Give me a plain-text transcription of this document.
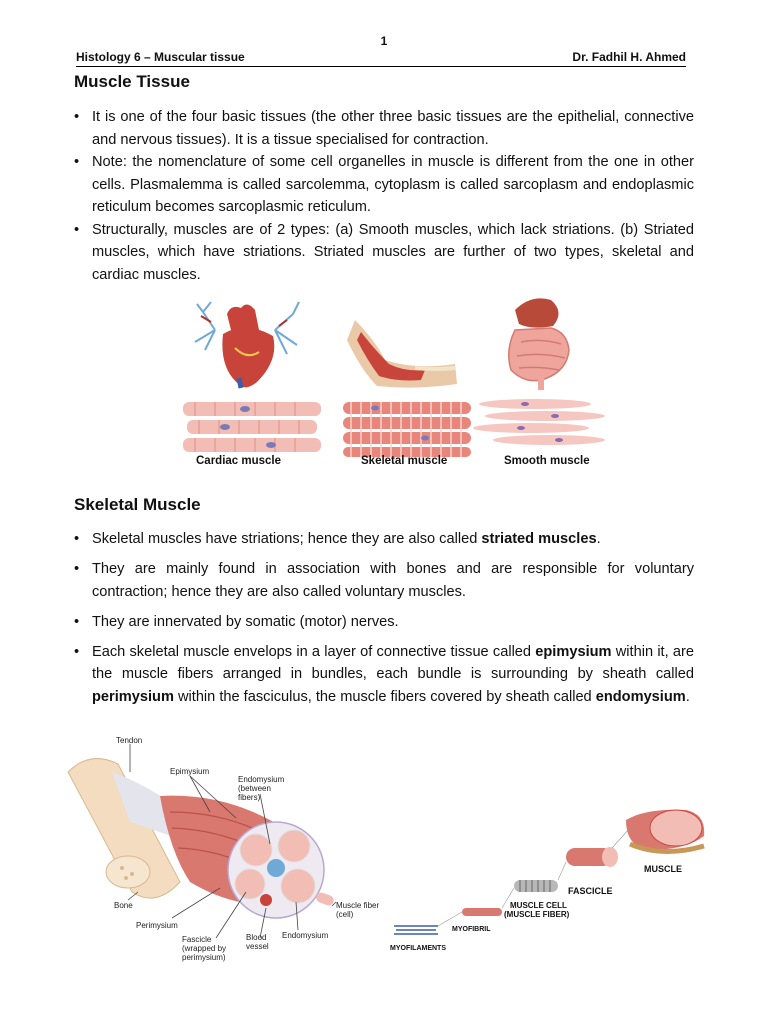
1
Histology 6 – Muscular tissue	Dr. Fadhil H. Ahmed
Muscle Tissue
• It is one of the four basic tissues (the other three basic tissues are the epithelial, connective and nervous tissues). It is a tissue specialised for contraction.
• Note: the nomenclature of some cell organelles in muscle is different from the one in other cells. Plasmalemma is called sarcolemma, cytoplasm is called sarcoplasm and endoplasmic reticulum becomes sarcoplasmic reticulum.
• Structurally, muscles are of 2 types: (a) Smooth muscles, which lack striations. (b) Striated muscles, which have striations. Striated muscles are further of two types, skeletal and cardiac muscles.
Cardiac muscle	Skeletal muscle	Smooth muscle
Skeletal Muscle
• Skeletal muscles have striations; hence they are also called striated muscles.
• They are mainly found in association with bones and are responsible for voluntary contraction; hence they are also called voluntary muscles.
• They are innervated by somatic (motor) nerves.
• Each skeletal muscle envelops in a layer of connective tissue called epimysium within it, are the muscle fibers arranged in bundles, each bundle is surrounding by sheath called perimysium within the fasciculus, the muscle fibers covered by sheath called endomysium.
Tendon
Epimysium
Endomysium
(between
fibers)
Bone
Perimysium
Fascicle
(wrapped by
perimysium)
Blood
vessel
Endomysium
Muscle fiber
(cell)
MUSCLE
FASCICLE
MUSCLE CELL
(MUSCLE FIBER)
MYOFIBRIL
MYOFILAMENTS
